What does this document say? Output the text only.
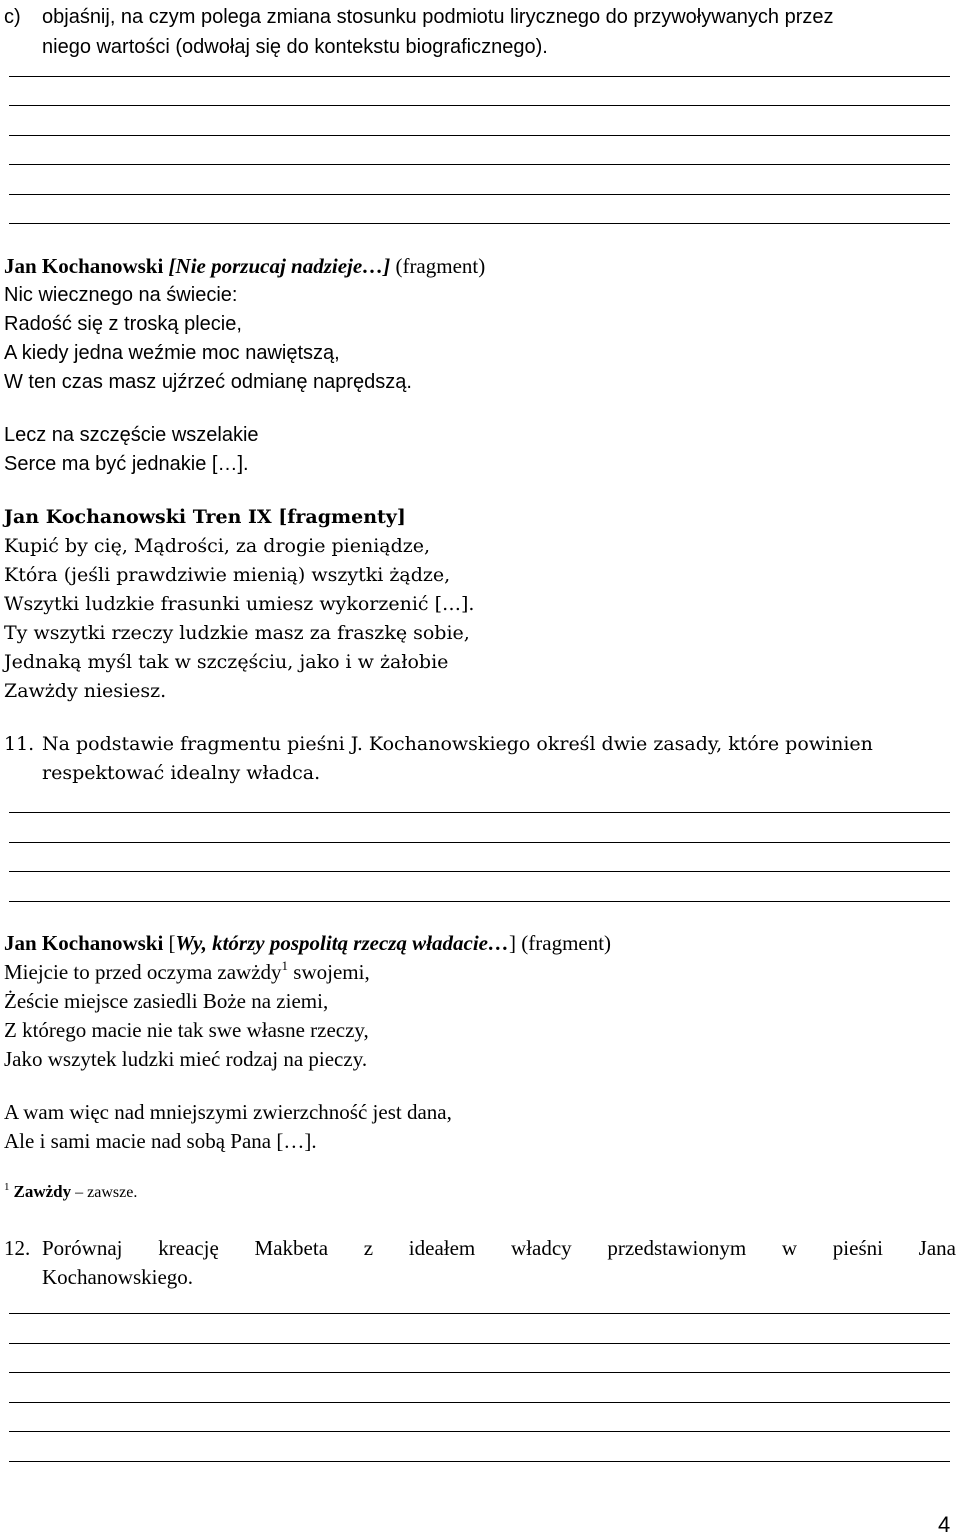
c) objaśnij, na czym polega zmiana stosunku podmiotu lirycznego do przywoływanych przez
niego wartości (odwołaj się do kontekstu biograficznego).
Jan Kochanowski [Nie porzucaj nadzieje…] (fragment)
Nic wiecznego na świecie:
Radość się z troską plecie,
A kiedy jedna weźmie moc nawiętszą,
W ten czas masz ujźrzeć odmianę naprędszą.
Lecz na szczęście wszelakie
Serce ma być jednakie […].
Jan Kochanowski Tren IX [fragmenty]
Kupić by cię, Mądrości, za drogie pieniądze,
Która (jeśli prawdziwie mienią) wszytki żądze,
Wszytki ludzkie frasunki umiesz wykorzenić […].
Ty wszytki rzeczy ludzkie masz za fraszkę sobie,
Jednaką myśl tak w szczęściu, jako i w żałobie
Zawżdy niesiesz.
11. Na podstawie fragmentu pieśni J. Kochanowskiego określ dwie zasady, które powinien
respektować idealny władca.
Jan Kochanowski [Wy, którzy pospolitą rzeczą władacie…] (fragment)
Miejcie to przed oczyma zawżdy$^1$ swojemi,
Żeście miejsce zasiedli Boże na ziemi,
Z którego macie nie tak swe własne rzeczy,
Jako wszytek ludzki mieć rodzaj na pieczy.
A wam więc nad mniejszymi zwierzchność jest dana,
Ale i sami macie nad sobą Pana […].
$^1$ Zawżdy – zawsze.
12. Porównaj kreację Makbeta z ideałem władcy przedstawionym w pieśni Jana
Kochanowskiego.
4
